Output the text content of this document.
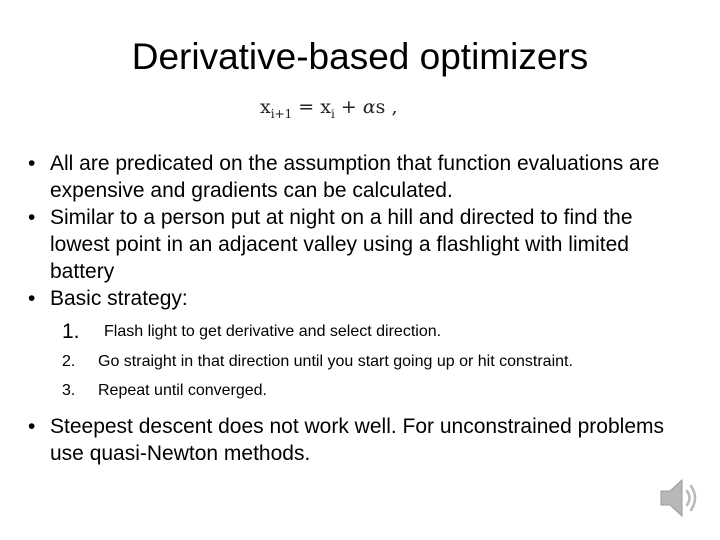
Derivative-based optimizers
$x_{i+1} = x_i + \alpha s$ ,
• All are predicated on the assumption that function evaluations are expensive and gradients can be calculated.
• Similar to a person put at night on a hill and directed to find the lowest point in an adjacent valley using a flashlight with limited battery
• Basic strategy:
1. Flash light to get derivative and select direction.
2. Go straight in that direction until you start going up or hit constraint.
3. Repeat until converged.
• Steepest descent does not work well. For unconstrained problems use quasi-Newton methods.
